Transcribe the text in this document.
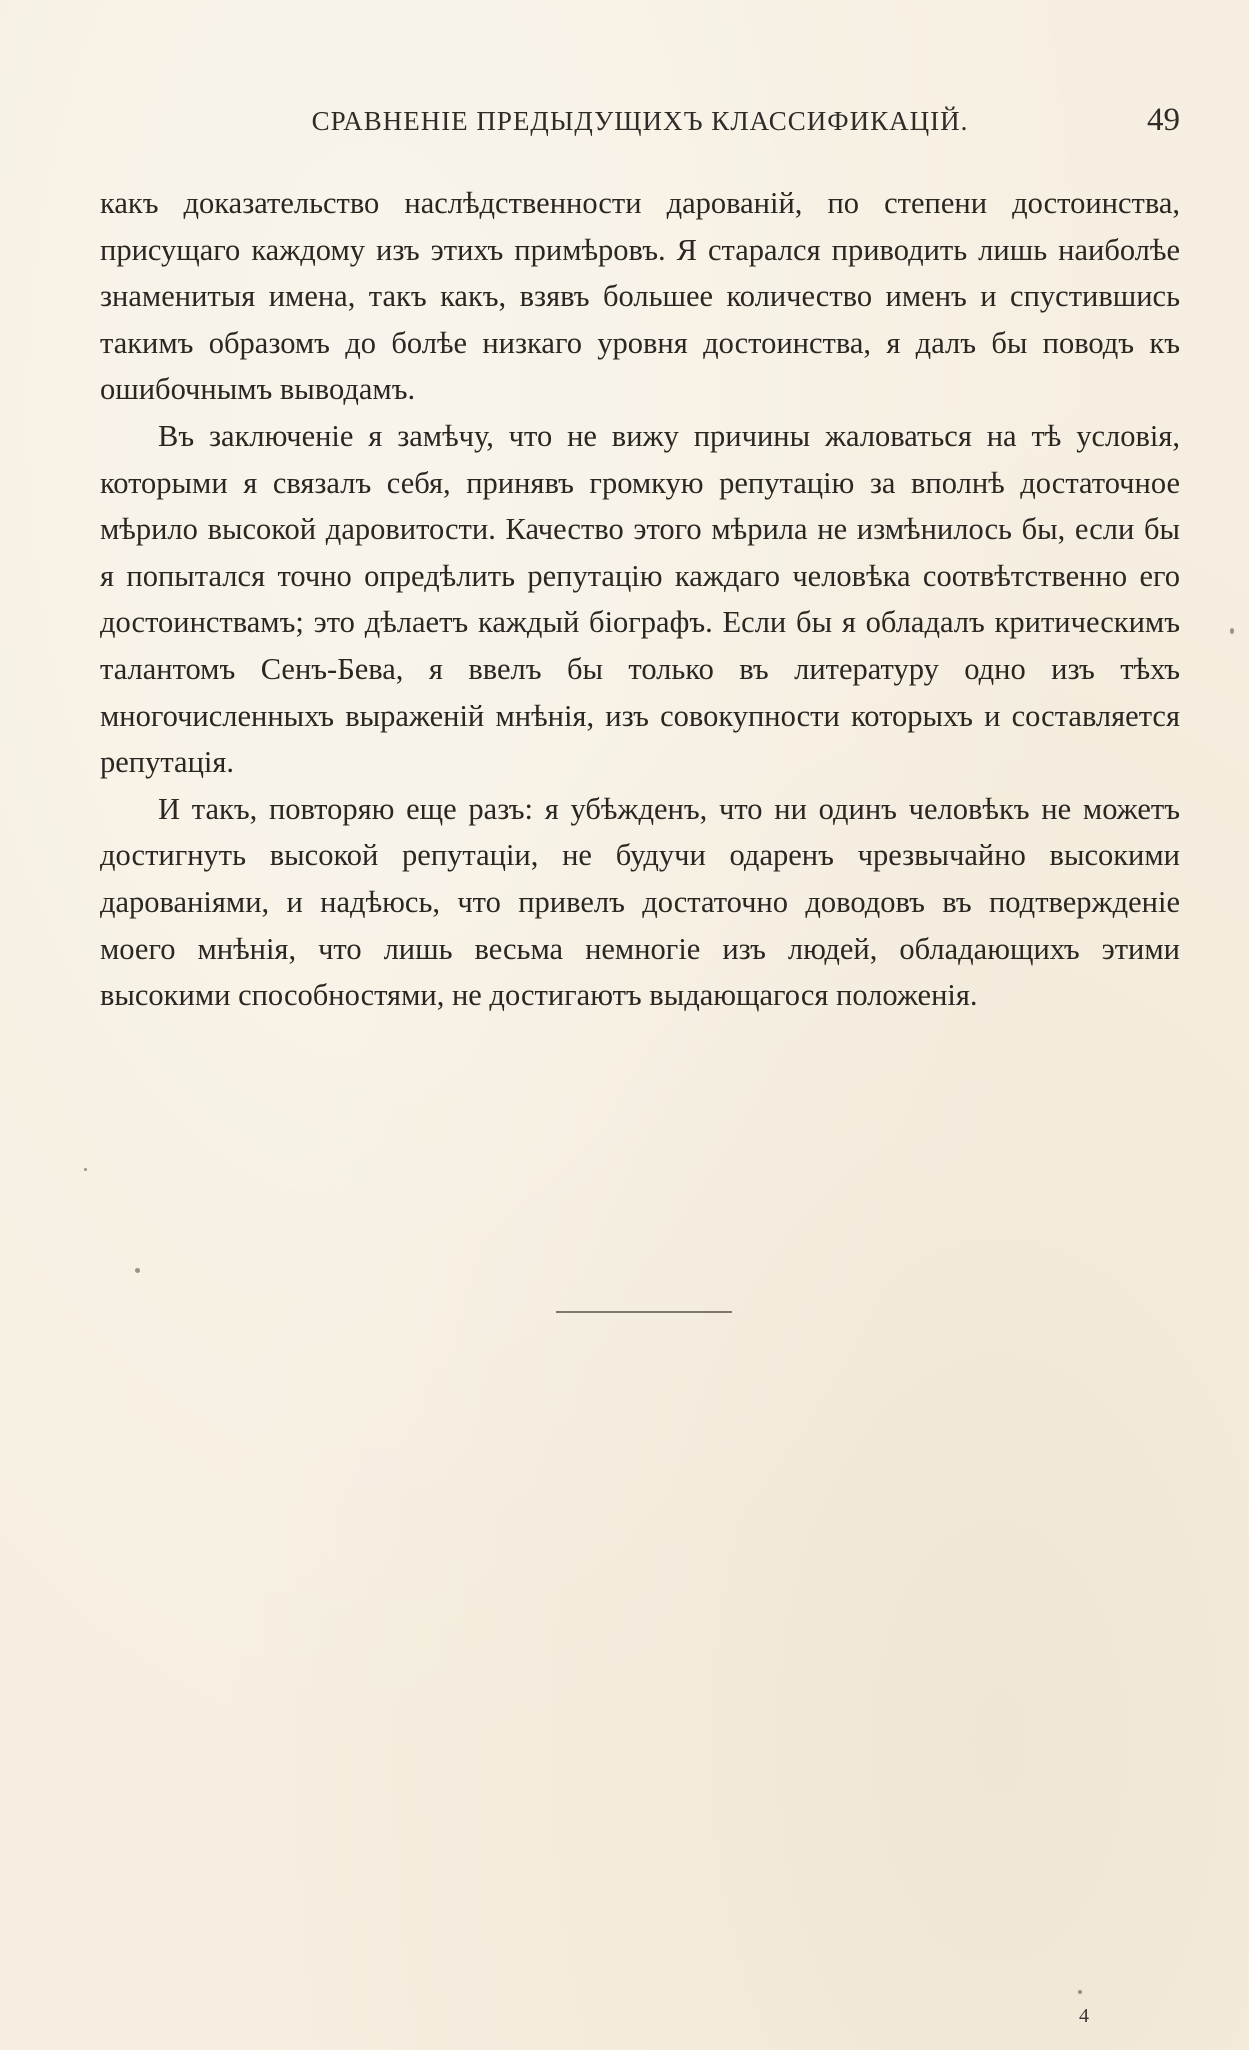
СРАВНЕНІЕ ПРЕДЫДУЩИХЪ КЛАССИФИКАЦІЙ.	49

какъ доказательство наслѣдственности дарованій, по степени достоинства, присущаго каждому изъ этихъ примѣровъ. Я старался приводить лишь наиболѣе знаменитыя имена, такъ какъ, взявъ большее количество именъ и спустившись такимъ образомъ до болѣе низкаго уровня достоинства, я далъ бы поводъ къ ошибочнымъ выводамъ.

Въ заключеніе я замѣчу, что не вижу причины жаловаться на тѣ условія, которыми я связалъ себя, принявъ громкую репутацію за вполнѣ достаточное мѣрило высокой даровитости. Качество этого мѣрила не измѣнилось бы, если бы я попытался точно опредѣлить репутацію каждаго человѣка соотвѣтственно его достоинствамъ; это дѣлаетъ каждый біографъ. Если бы я обладалъ критическимъ талантомъ Сенъ-Бева, я ввелъ бы только въ литературу одно изъ тѣхъ многочисленныхъ выраженій мнѣнія, изъ совокупности которыхъ и составляется репутація.

И такъ, повторяю еще разъ: я убѣжденъ, что ни одинъ человѣкъ не можетъ достигнуть высокой репутаціи, не будучи одаренъ чрезвычайно высокими дарованіями, и надѣюсь, что привелъ достаточно доводовъ въ подтвержденіе моего мнѣнія, что лишь весьма немногіе изъ людей, обладающихъ этими высокими способностями, не достигаютъ выдающагося положенія.

4
